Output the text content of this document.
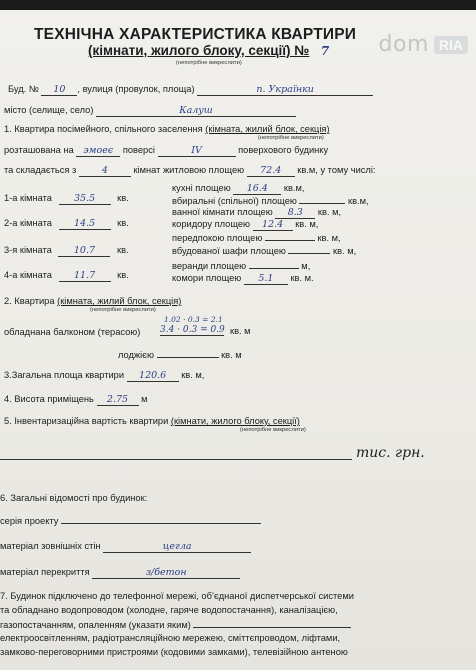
ТЕХНІЧНА ХАРАКТЕРИСТИКА КВАРТИРИ
(кімнати, жилого блоку, секції) № 7
(непотрібне викреслити)
dom RIA
Буд. № 10 , вулиця (провулок, площа)	п. Українки
місто (селище, село)	Калуш
1. Квартира посімейного, спільного заселення (кімната, жилий блок, секція)
(непотрібне викреслити)
розташована на эмоеє поверсі	IV	поверхового будинку
та складається з	4	кімнат житловою площею 72.4 кв.м, у тому числі:
1-а кімната 35.5 кв.
2-а кімната 14.5 кв.
3-я кімната 10.7 кв.
4-а кімната 11.7 кв.
кухні площею 16.4 кв.м,
вбиральні (спільної) площею	кв.м,
ванної кімнати площею 8.3 кв. м,
коридору площею 12.4 кв. м,
передпокою площею	кв. м,
вбудованої шафи площею	кв. м,
веранди площею	м,
комори площею 5.1 кв. м.
2. Квартира (кімната, жилий блок, секція)
(непотрібне викреслити)
обладнана балконом (терасою)
1.02 · 0.3 = 2.1
3.4 · 0.3 = 0.9 кв. м
лоджією	кв. м
3.Загальна площа квартири 120.6 кв. м,
4. Висота приміщень 2.75 м
5. Інвентаризаційна вартість квартири (кімнати, жилого блоку, секції)
(непотрібне викреслити)
тис. грн.
6. Загальні відомості про будинок:
серія проекту
матеріал зовнішніх стін	цегла
матеріал перекриття	з/бетон
7. Будинок підключено до телефонної мережі, об’єднаної диспетчерської системи
та обладнано водопроводом (холодне, гаряче водопостачання), каналізацією,
газопостачанням, опаленням (указати яким)
електроосвітленням, радіотрансляційною мережею, сміттєпроводом, ліфтами,
замково-переговорними пристроями (кодовими замками), телевізійною антеною
